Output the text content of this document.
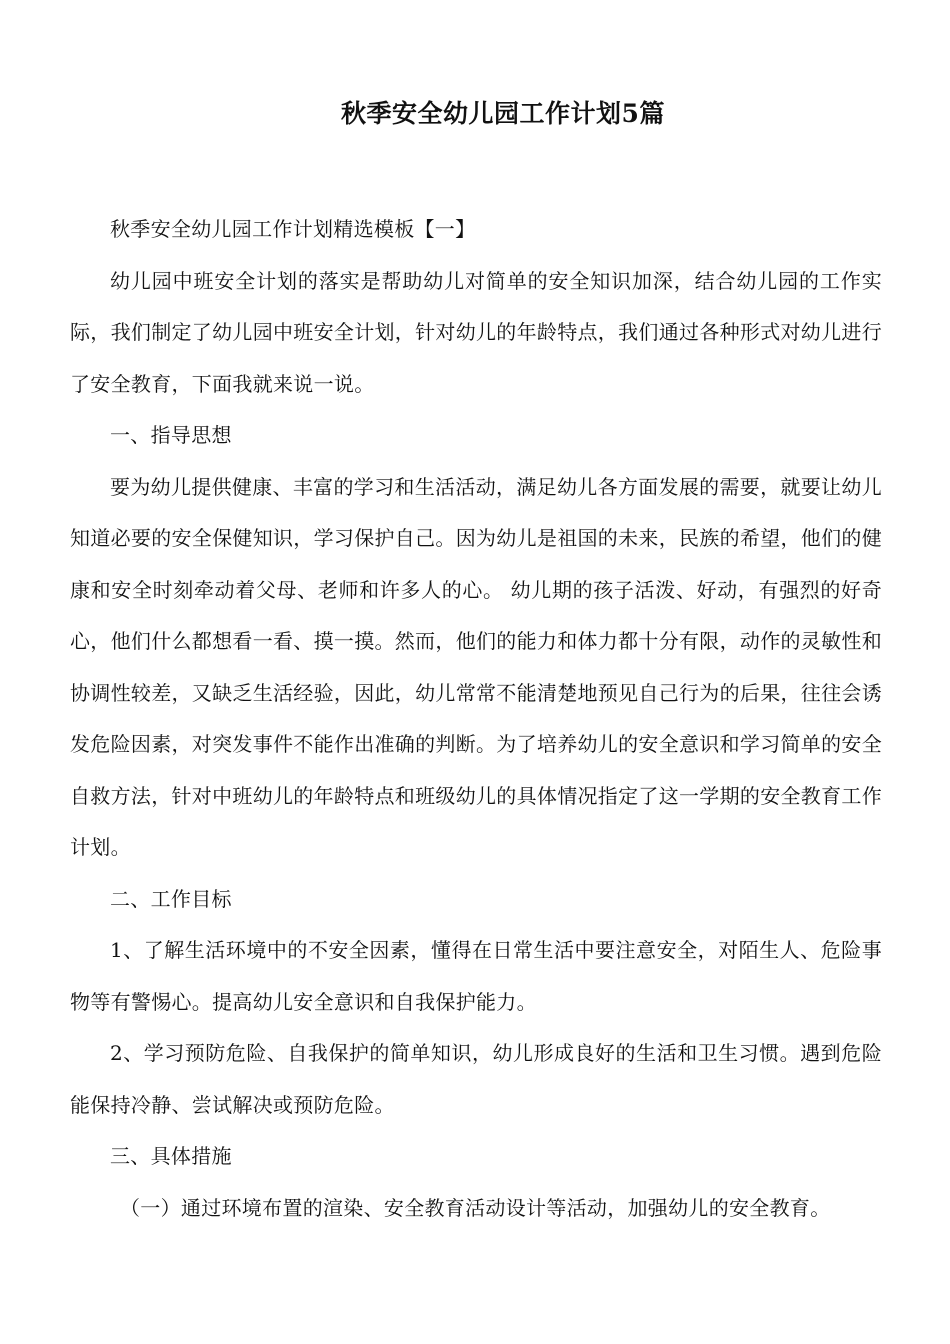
秋季安全幼儿园工作计划5篇

秋季安全幼儿园工作计划精选模板【一】

幼儿园中班安全计划的落实是帮助幼儿对简单的安全知识加深，结合幼儿园的工作实际，我们制定了幼儿园中班安全计划，针对幼儿的年龄特点，我们通过各种形式对幼儿进行了安全教育，下面我就来说一说。

一、指导思想

要为幼儿提供健康、丰富的学习和生活活动，满足幼儿各方面发展的需要，就要让幼儿知道必要的安全保健知识，学习保护自己。因为幼儿是祖国的未来，民族的希望，他们的健康和安全时刻牵动着父母、老师和许多人的心。 幼儿期的孩子活泼、好动，有强烈的好奇心，他们什么都想看一看、摸一摸。然而，他们的能力和体力都十分有限，动作的灵敏性和协调性较差，又缺乏生活经验，因此，幼儿常常不能清楚地预见自己行为的后果，往往会诱发危险因素，对突发事件不能作出准确的判断。为了培养幼儿的安全意识和学习简单的安全自救方法，针对中班幼儿的年龄特点和班级幼儿的具体情况指定了这一学期的安全教育工作计划。

二、工作目标

1、了解生活环境中的不安全因素，懂得在日常生活中要注意安全，对陌生人、危险事物等有警惕心。提高幼儿安全意识和自我保护能力。

2、学习预防危险、自我保护的简单知识，幼儿形成良好的生活和卫生习惯。遇到危险能保持冷静、尝试解决或预防危险。

三、具体措施

（一）通过环境布置的渲染、安全教育活动设计等活动，加强幼儿的安全教育。
